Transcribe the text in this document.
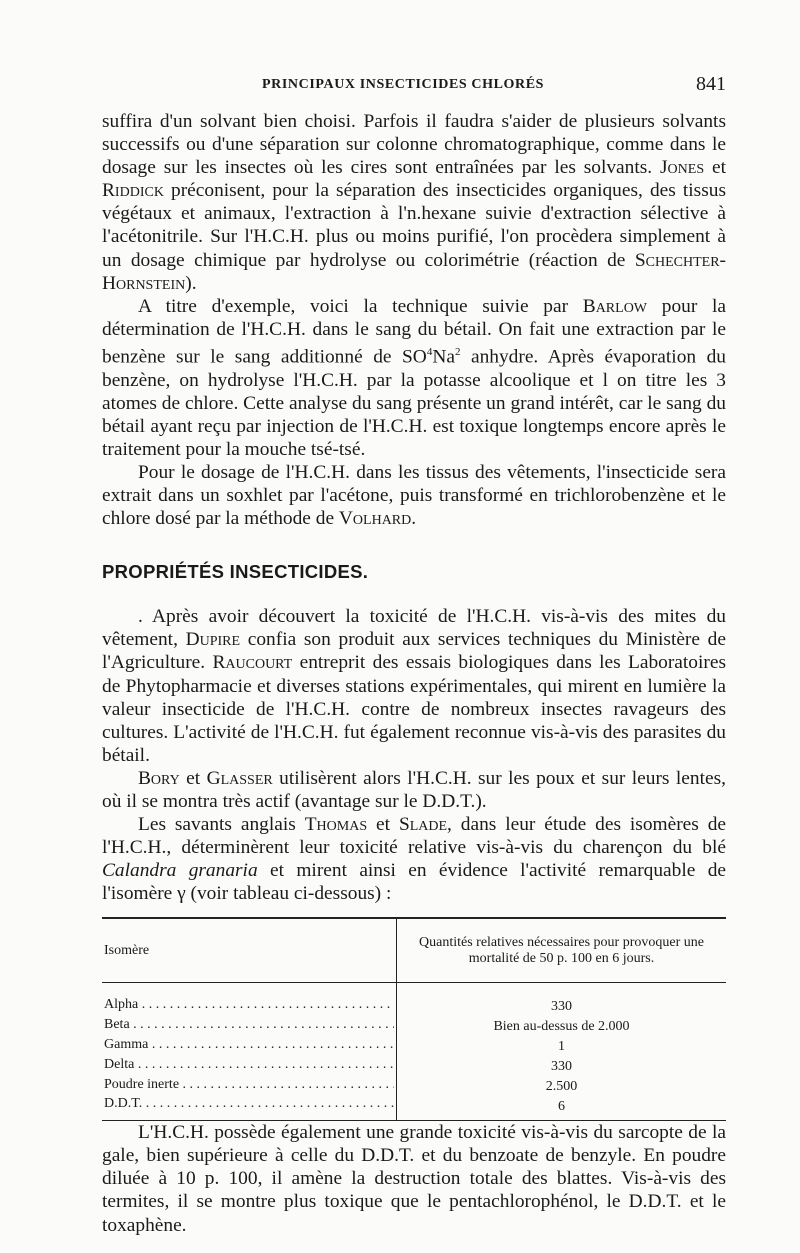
PRINCIPAUX INSECTICIDES CHLORÉS	841

suffira d'un solvant bien choisi. Parfois il faudra s'aider de plusieurs solvants successifs ou d'une séparation sur colonne chromatographique, comme dans le dosage sur les insectes où les cires sont entraînées par les solvants. Jones et Riddick préconisent, pour la séparation des insecticides organiques, des tissus végétaux et animaux, l'extraction à l'n.hexane suivie d'extraction sélective à l'acétonitrile. Sur l'H.C.H. plus ou moins purifié, l'on procèdera simplement à un dosage chimique par hydrolyse ou colorimétrie (réaction de Schechter-Hornstein).

A titre d'exemple, voici la technique suivie par Barlow pour la détermination de l'H.C.H. dans le sang du bétail. On fait une extraction par le benzène sur le sang additionné de $SO^4Na^2$ anhydre. Après évaporation du benzène, on hydrolyse l'H.C.H. par la potasse alcoolique et l on titre les 3 atomes de chlore. Cette analyse du sang présente un grand intérêt, car le sang du bétail ayant reçu par injection de l'H.C.H. est toxique longtemps encore après le traitement pour la mouche tsé-tsé.

Pour le dosage de l'H.C.H. dans les tissus des vêtements, l'insecticide sera extrait dans un soxhlet par l'acétone, puis transformé en trichlorobenzène et le chlore dosé par la méthode de Volhard.

PROPRIÉTÉS INSECTICIDES.

. Après avoir découvert la toxicité de l'H.C.H. vis-à-vis des mites du vêtement, Dupire confia son produit aux services techniques du Ministère de l'Agriculture. Raucourt entreprit des essais biologiques dans les Laboratoires de Phytopharmacie et diverses stations expérimentales, qui mirent en lumière la valeur insecticide de l'H.C.H. contre de nombreux insectes ravageurs des cultures. L'activité de l'H.C.H. fut également reconnue vis-à-vis des parasites du bétail.

Bory et Glasser utilisèrent alors l'H.C.H. sur les poux et sur leurs lentes, où il se montra très actif (avantage sur le D.D.T.).

Les savants anglais Thomas et Slade, dans leur étude des isomères de l'H.C.H., déterminèrent leur toxicité relative vis-à-vis du charençon du blé Calandra granaria et mirent ainsi en évidence l'activité remarquable de l'isomère γ (voir tableau ci-dessous) :

Isomère	Quantités relatives nécessaires pour provoquer une mortalité de 50 p. 100 en 6 jours.
Alpha . . .	330
Beta . . .	Bien au-dessus de 2.000
Gamma . . .	1
Delta . . .	330
Poudre inerte . . .	2.500
D.D.T. . . .	6

L'H.C.H. possède également une grande toxicité vis-à-vis du sarcopte de la gale, bien supérieure à celle du D.D.T. et du benzoate de benzyle. En poudre diluée à 10 p. 100, il amène la destruction totale des blattes. Vis-à-vis des termites, il se montre plus toxique que le pentachlorophénol, le D.D.T. et le toxaphène.
